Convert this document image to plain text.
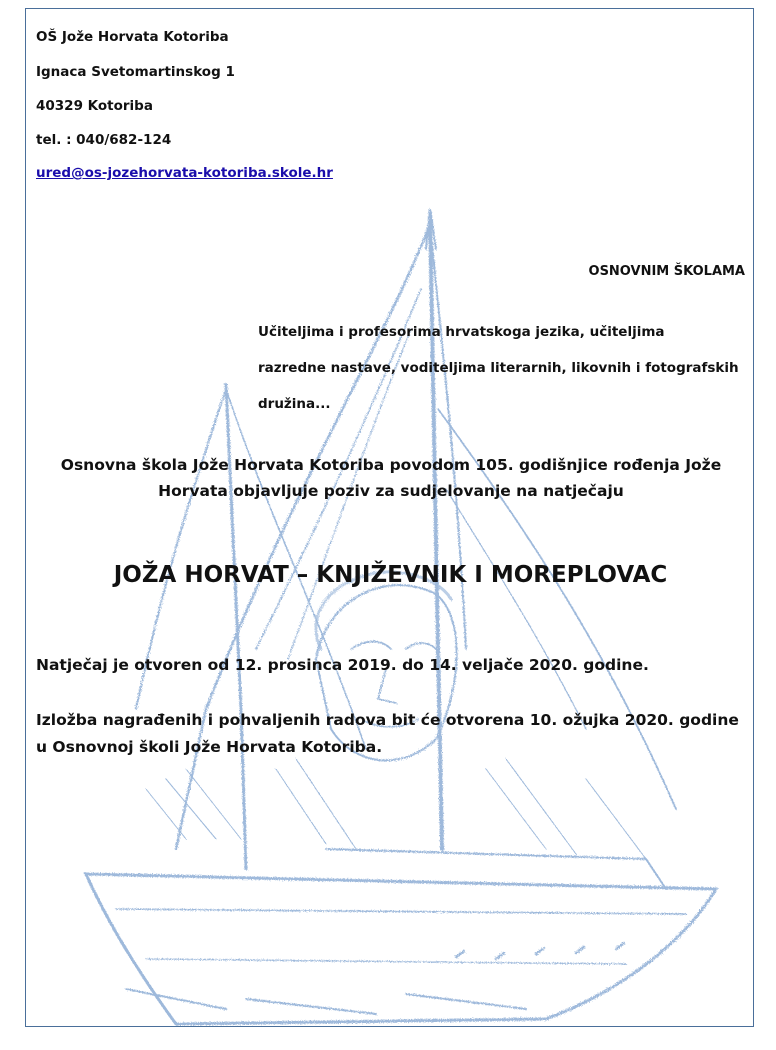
OŠ Jože Horvata Kotoriba
Ignaca Svetomartinskog 1
40329 Kotoriba
tel. : 040/682-124
ured@os-jozehorvata-kotoriba.skole.hr
OSNOVNIM ŠKOLAMA
Učiteljima i profesorima hrvatskoga jezika, učiteljima
razredne nastave, voditeljima literarnih, likovnih i fotografskih
družina...
Osnovna škola Jože Horvata Kotoriba povodom 105. godišnjice rođenja Jože
Horvata objavljuje poziv za sudjelovanje na natječaju
JOŽA HORVAT – KNJIŽEVNIK I MOREPLOVAC
Natječaj je otvoren od 12. prosinca 2019. do 14. veljače 2020. godine.
Izložba nagrađenih i pohvaljenih radova bit će otvorena 10. ožujka 2020. godine
u Osnovnoj školi Jože Horvata Kotoriba.
